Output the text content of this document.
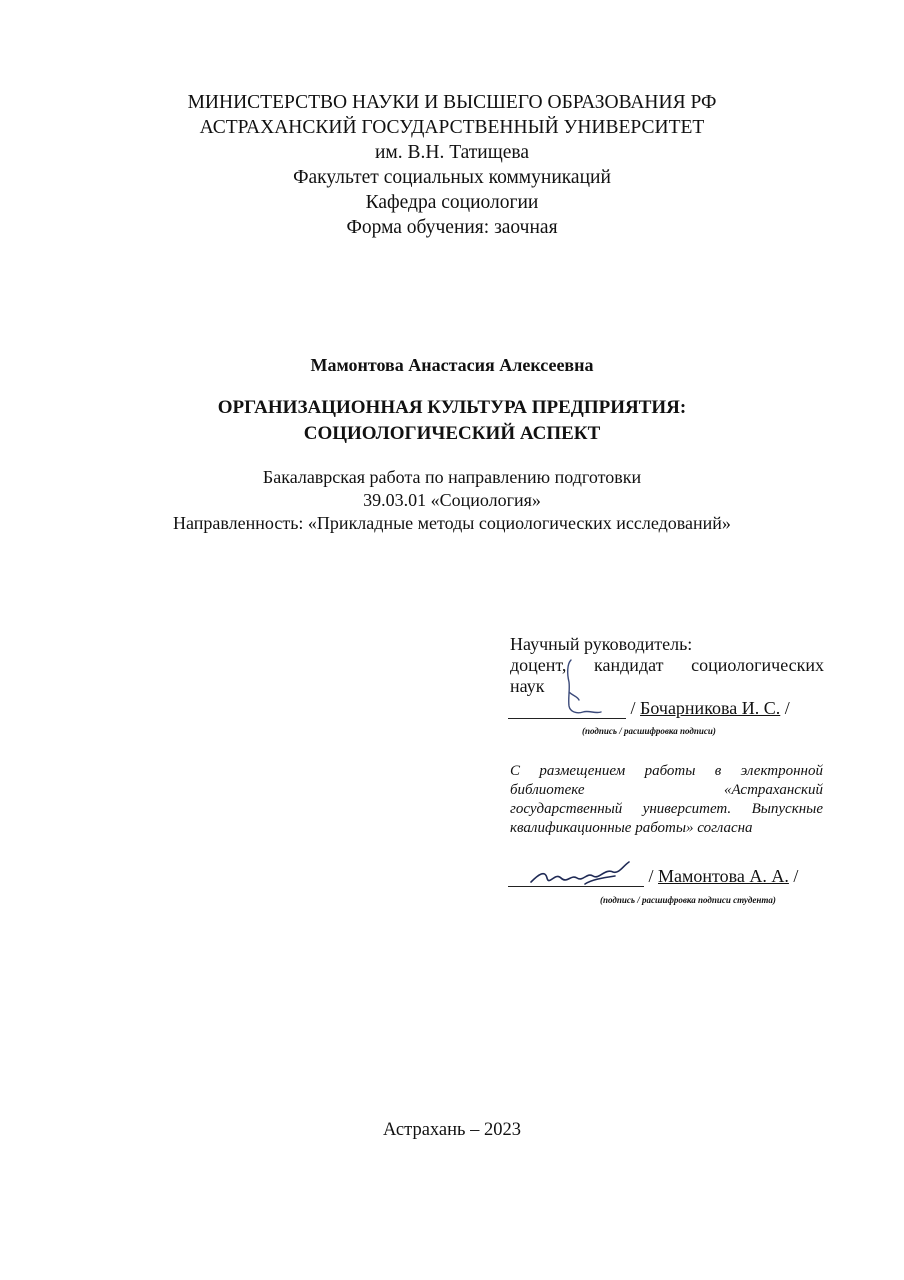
МИНИСТЕРСТВО НАУКИ И ВЫСШЕГО ОБРАЗОВАНИЯ РФ
АСТРАХАНСКИЙ ГОСУДАРСТВЕННЫЙ УНИВЕРСИТЕТ
им. В.Н. Татищева
Факультет социальных коммуникаций
Кафедра социологии
Форма обучения: заочная
Мамонтова Анастасия Алексеевна
ОРГАНИЗАЦИОННАЯ КУЛЬТУРА ПРЕДПРИЯТИЯ:
СОЦИОЛОГИЧЕСКИЙ АСПЕКТ
Бакалаврская работа по направлению подготовки
39.03.01 «Социология»
Направленность: «Прикладные методы социологических исследований»
Научный руководитель:
доцент, кандидат социологических
наук
/ Бочарникова И. С. /
(подпись / расшифровка подписи)
С размещением работы в электронной
библиотеке «Астраханский
государственный университет. Выпускные
квалификационные работы» согласна
/ Мамонтова А. А. /
(подпись / расшифровка подписи студента)
Астрахань – 2023
